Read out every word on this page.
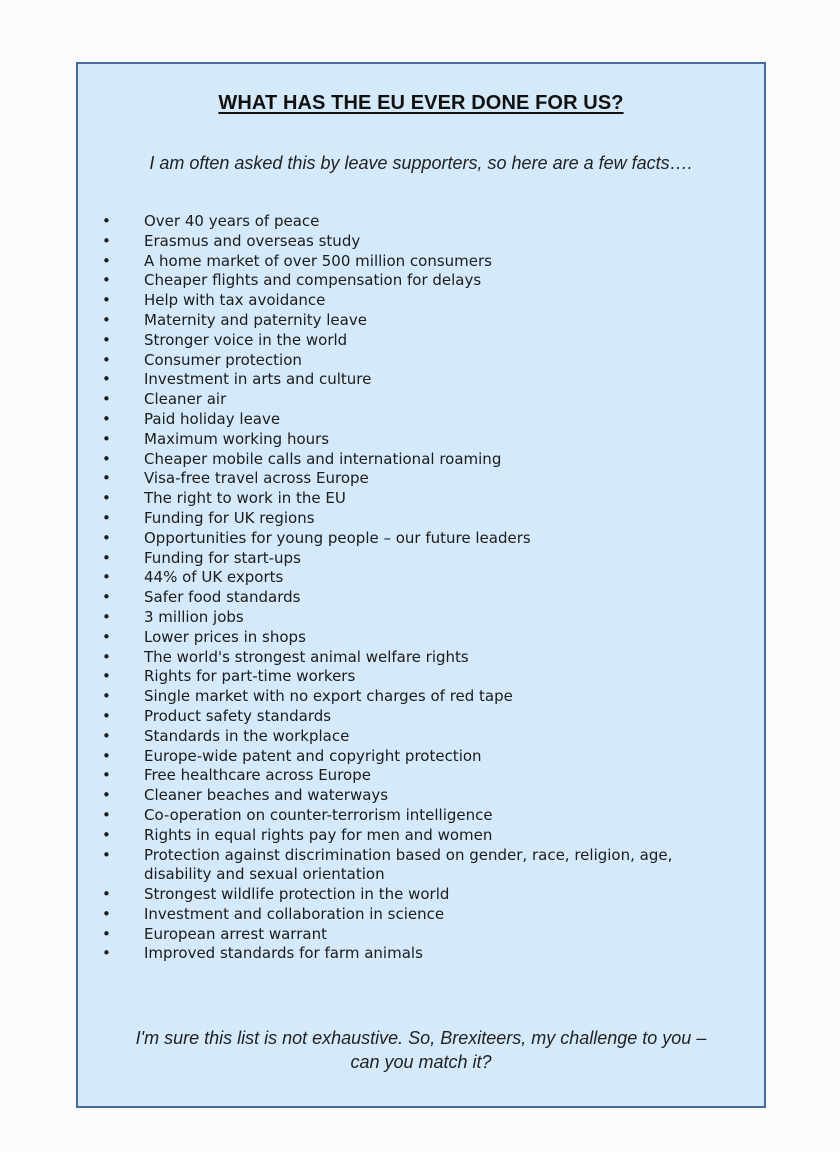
WHAT HAS THE EU EVER DONE FOR US?
I am often asked this by leave supporters, so here are a few facts….
• Over 40 years of peace
• Erasmus and overseas study
• A home market of over 500 million consumers
• Cheaper flights and compensation for delays
• Help with tax avoidance
• Maternity and paternity leave
• Stronger voice in the world
• Consumer protection
• Investment in arts and culture
• Cleaner air
• Paid holiday leave
• Maximum working hours
• Cheaper mobile calls and international roaming
• Visa-free travel across Europe
• The right to work in the EU
• Funding for UK regions
• Opportunities for young people – our future leaders
• Funding for start-ups
• 44% of UK exports
• Safer food standards
• 3 million jobs
• Lower prices in shops
• The world's strongest animal welfare rights
• Rights for part-time workers
• Single market with no export charges of red tape
• Product safety standards
• Standards in the workplace
• Europe-wide patent and copyright protection
• Free healthcare across Europe
• Cleaner beaches and waterways
• Co-operation on counter-terrorism intelligence
• Rights in equal rights pay for men and women
• Protection against discrimination based on gender, race, religion, age, disability and sexual orientation
• Strongest wildlife protection in the world
• Investment and collaboration in science
• European arrest warrant
• Improved standards for farm animals
I'm sure this list is not exhaustive. So, Brexiteers, my challenge to you –
can you match it?
